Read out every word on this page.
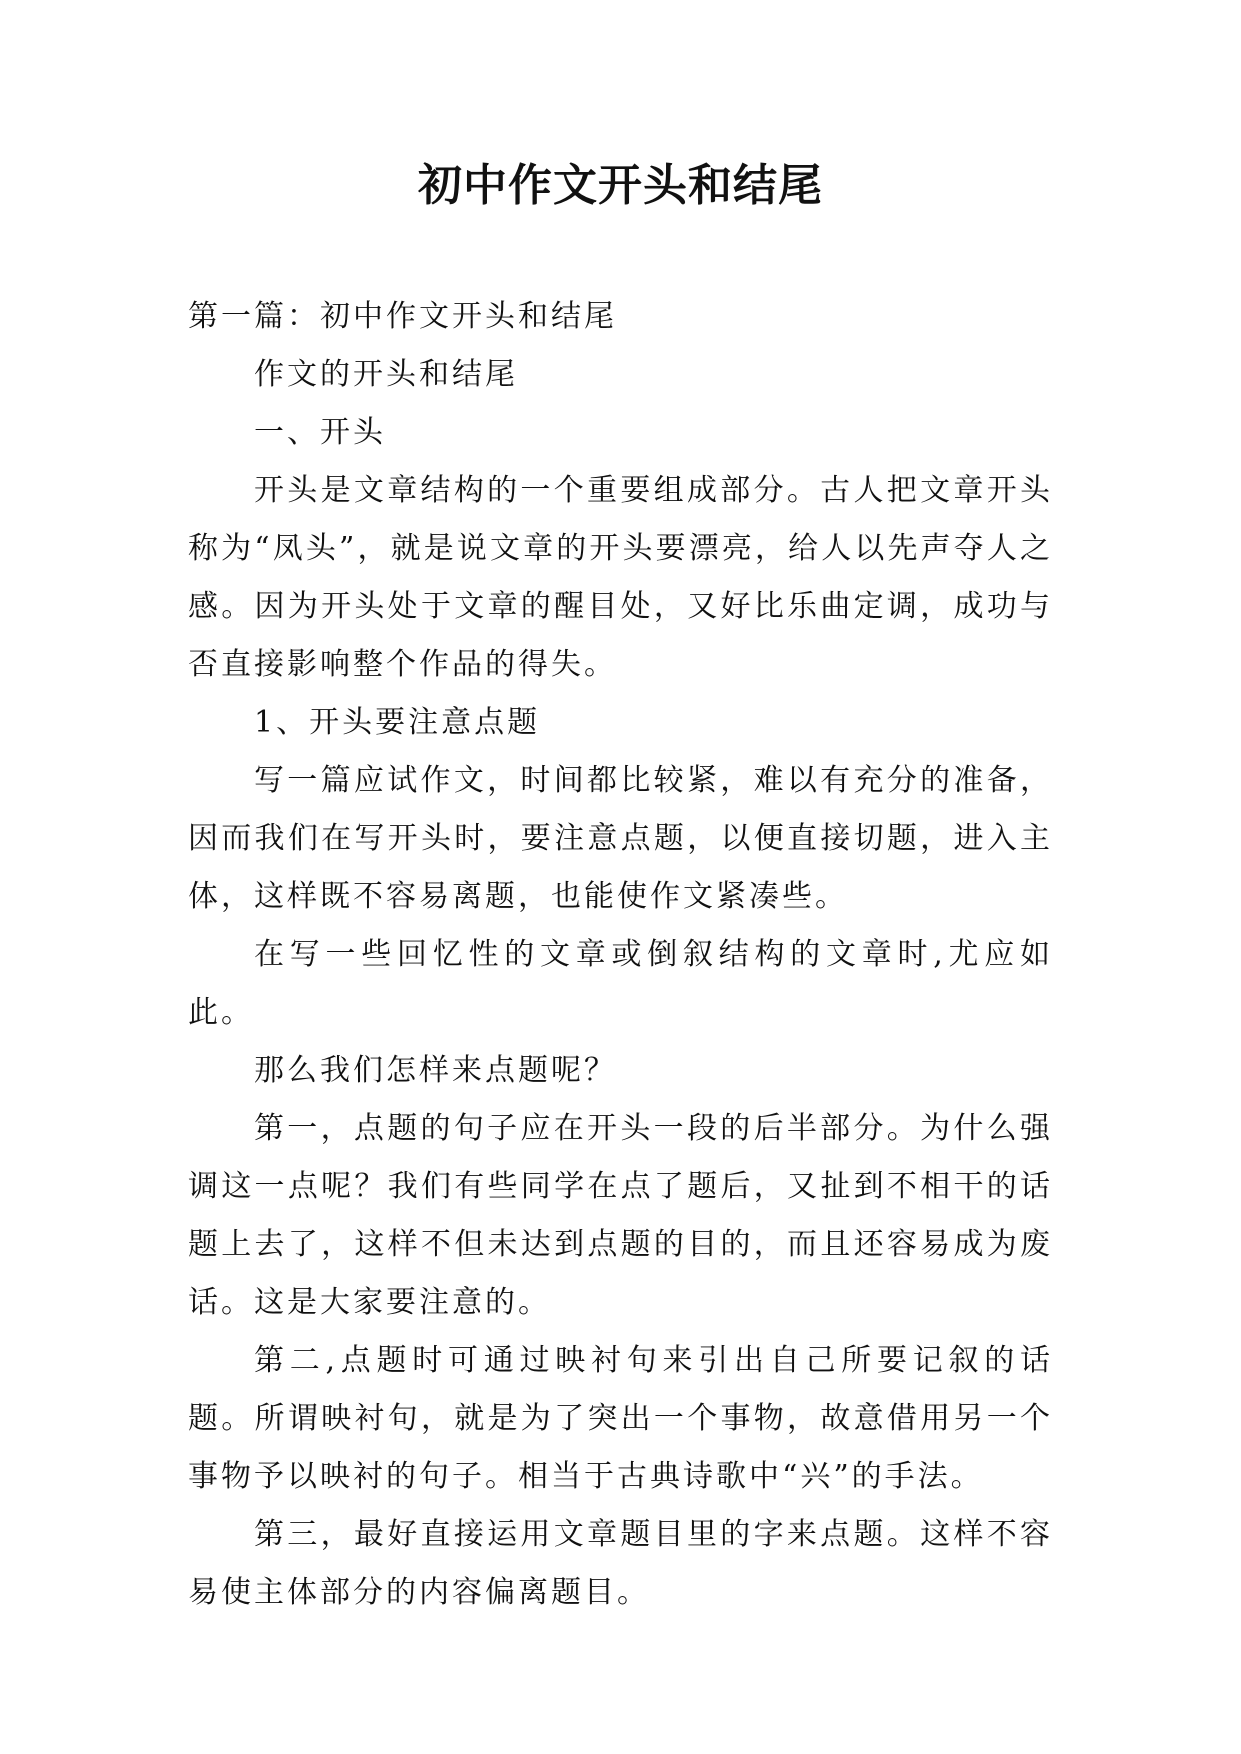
初中作文开头和结尾

第一篇：初中作文开头和结尾

作文的开头和结尾

一、开头

开头是文章结构的一个重要组成部分。古人把文章开头称为“凤头”，就是说文章的开头要漂亮，给人以先声夺人之感。因为开头处于文章的醒目处，又好比乐曲定调，成功与否直接影响整个作品的得失。

1、开头要注意点题

写一篇应试作文，时间都比较紧，难以有充分的准备，因而我们在写开头时，要注意点题，以便直接切题，进入主体，这样既不容易离题，也能使作文紧凑些。

在写一些回忆性的文章或倒叙结构的文章时,尤应如此。

那么我们怎样来点题呢？

第一，点题的句子应在开头一段的后半部分。为什么强调这一点呢？我们有些同学在点了题后，又扯到不相干的话题上去了，这样不但未达到点题的目的，而且还容易成为废话。这是大家要注意的。

第二,点题时可通过映衬句来引出自己所要记叙的话题。所谓映衬句，就是为了突出一个事物，故意借用另一个事物予以映衬的句子。相当于古典诗歌中“兴”的手法。

第三，最好直接运用文章题目里的字来点题。这样不容易使主体部分的内容偏离题目。
